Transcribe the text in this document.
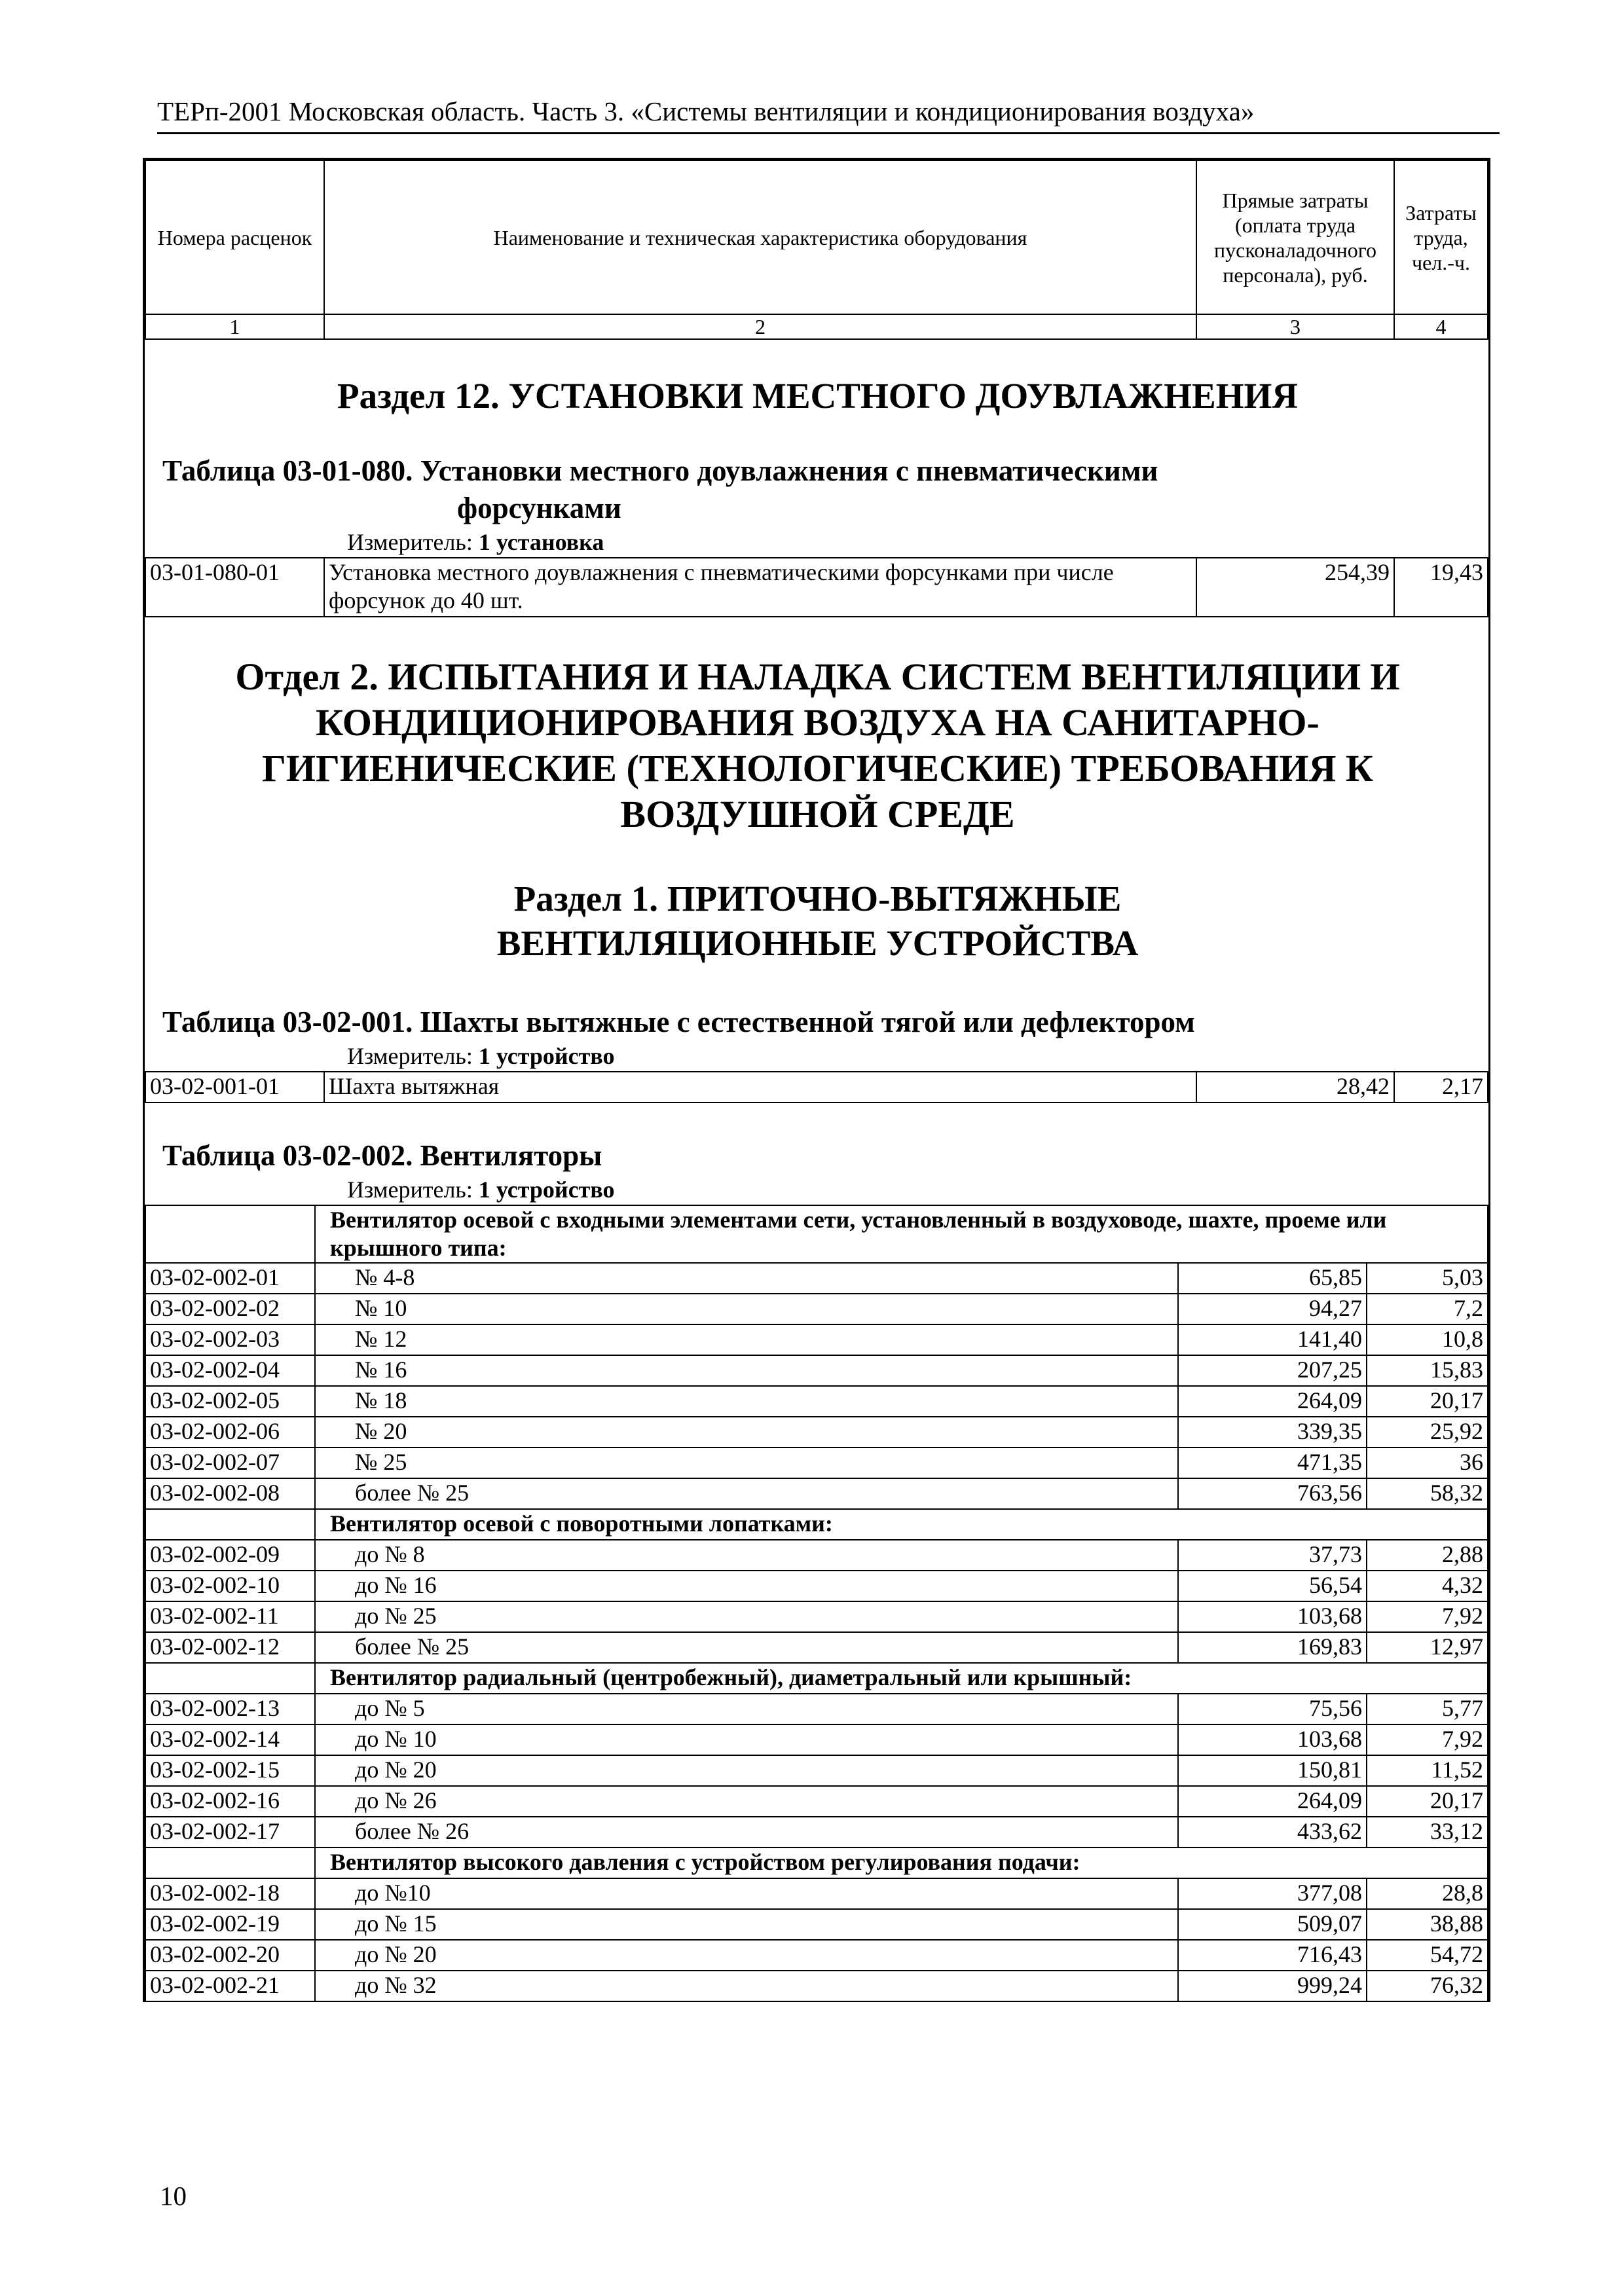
ТЕРп-2001 Московская область. Часть 3. «Системы вентиляции и кондиционирования воздуха»
Номера расценок	Наименование и техническая характеристика оборудования	Прямые затраты (оплата труда пусконаладочного персонала), руб.	Затраты труда, чел.-ч.
1	2	3	4
Раздел 12. УСТАНОВКИ МЕСТНОГО ДОУВЛАЖНЕНИЯ
Таблица 03-01-080. Установки местного доувлажнения с пневматическими
форсунками
Измеритель: 1 установка
03-01-080-01	Установка местного доувлажнения с пневматическими форсунками при числе форсунок до 40 шт.	254,39	19,43
Отдел 2. ИСПЫТАНИЯ И НАЛАДКА СИСТЕМ ВЕНТИЛЯЦИИ И КОНДИЦИОНИРОВАНИЯ ВОЗДУХА НА САНИТАРНО-ГИГИЕНИЧЕСКИЕ (ТЕХНОЛОГИЧЕСКИЕ) ТРЕБОВАНИЯ К ВОЗДУШНОЙ СРЕДЕ
Раздел 1. ПРИТОЧНО-ВЫТЯЖНЫЕ ВЕНТИЛЯЦИОННЫЕ УСТРОЙСТВА
Таблица 03-02-001. Шахты вытяжные с естественной тягой или дефлектором
Измеритель: 1 устройство
03-02-001-01	Шахта вытяжная	28,42	2,17
Таблица 03-02-002. Вентиляторы
Измеритель: 1 устройство
	Вентилятор осевой с входными элементами сети, установленный в воздуховоде, шахте, проеме или крышного типа:		
03-02-002-01	№ 4-8	65,85	5,03
03-02-002-02	№ 10	94,27	7,2
03-02-002-03	№ 12	141,40	10,8
03-02-002-04	№ 16	207,25	15,83
03-02-002-05	№ 18	264,09	20,17
03-02-002-06	№ 20	339,35	25,92
03-02-002-07	№ 25	471,35	36
03-02-002-08	более № 25	763,56	58,32
	Вентилятор осевой с поворотными лопатками:		
03-02-002-09	до № 8	37,73	2,88
03-02-002-10	до № 16	56,54	4,32
03-02-002-11	до № 25	103,68	7,92
03-02-002-12	более № 25	169,83	12,97
	Вентилятор радиальный (центробежный), диаметральный или крышный:		
03-02-002-13	до № 5	75,56	5,77
03-02-002-14	до № 10	103,68	7,92
03-02-002-15	до № 20	150,81	11,52
03-02-002-16	до № 26	264,09	20,17
03-02-002-17	более № 26	433,62	33,12
	Вентилятор высокого давления с устройством регулирования подачи:		
03-02-002-18	до №10	377,08	28,8
03-02-002-19	до № 15	509,07	38,88
03-02-002-20	до № 20	716,43	54,72
03-02-002-21	до № 32	999,24	76,32
10
